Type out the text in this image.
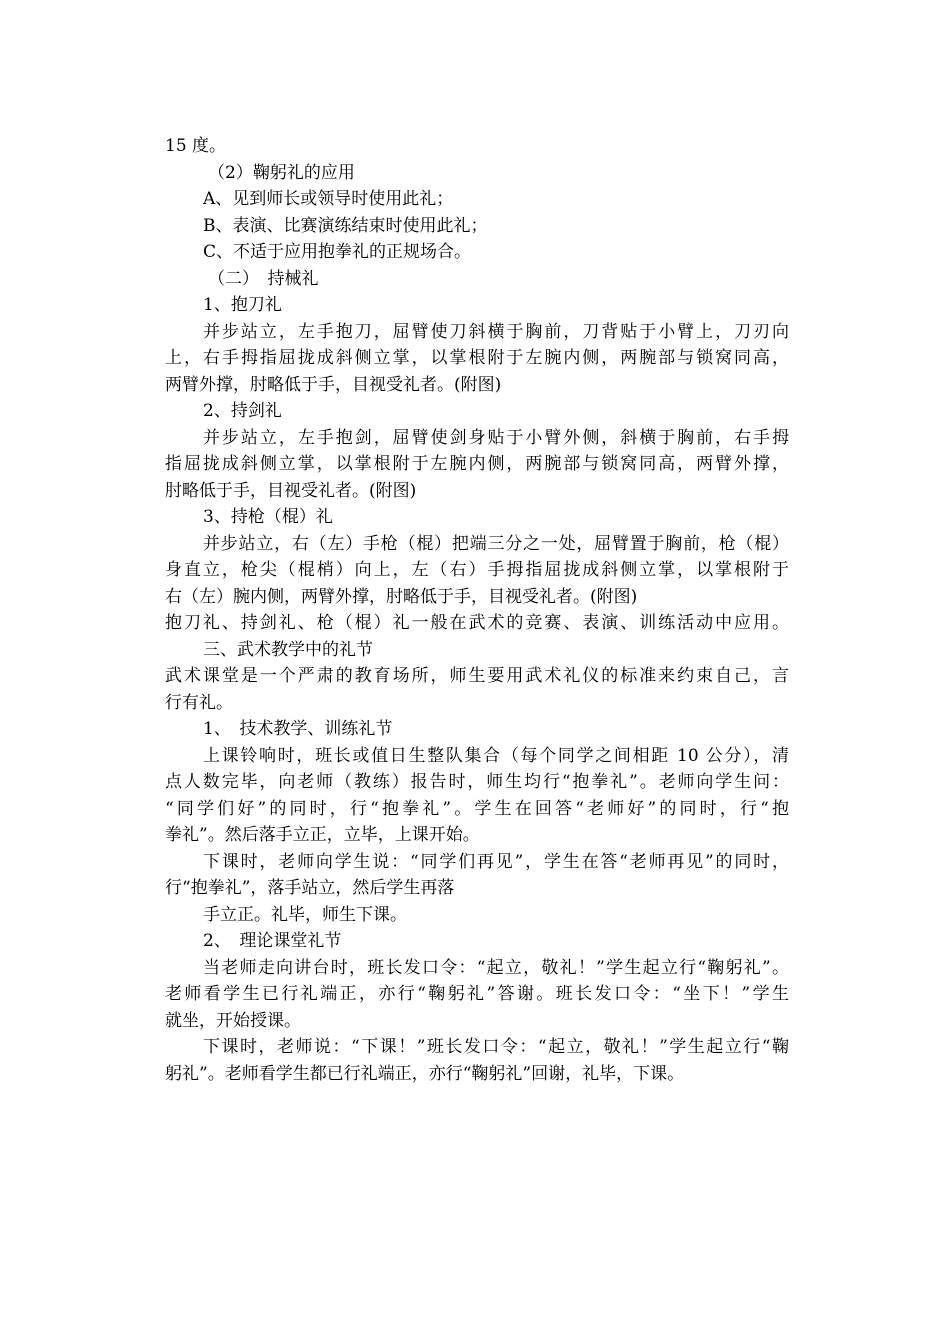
15 度。
（2）鞠躬礼的应用
A、见到师长或领导时使用此礼；
B、表演、比赛演练结束时使用此礼；
C、不适于应用抱拳礼的正规场合。
（二）　持械礼
1、抱刀礼
并步站立，左手抱刀，屈臂使刀斜横于胸前，刀背贴于小臂上，刀刃向
上，右手拇指屈拢成斜侧立掌，以掌根附于左腕内侧，两腕部与锁窝同高，
两臂外撑，肘略低于手，目视受礼者。(附图)
2、持剑礼
并步站立，左手抱剑，屈臂使剑身贴于小臂外侧，斜横于胸前，右手拇
指屈拢成斜侧立掌，以掌根附于左腕内侧，两腕部与锁窝同高，两臂外撑，
肘略低于手，目视受礼者。(附图)
3、持枪（棍）礼
并步站立，右（左）手枪（棍）把端三分之一处，屈臂置于胸前，枪（棍）
身直立，枪尖（棍梢）向上，左（右）手拇指屈拢成斜侧立掌，以掌根附于
右（左）腕内侧，两臂外撑，肘略低于手，目视受礼者。(附图)
抱刀礼、持剑礼、枪（棍）礼一般在武术的竞赛、表演、训练活动中应用。
三、武术教学中的礼节
武术课堂是一个严肃的教育场所，师生要用武术礼仪的标准来约束自己，言
行有礼。
1、　技术教学、训练礼节
上课铃响时，班长或值日生整队集合（每个同学之间相距 10 公分），清
点人数完毕，向老师（教练）报告时，师生均行“抱拳礼”。老师向学生问：
“同学们好”的同时，行“抱拳礼”。学生在回答“老师好”的同时，行“抱
拳礼”。然后落手立正，立毕，上课开始。
下课时，老师向学生说：“同学们再见”，学生在答“老师再见”的同时，
行“抱拳礼”，落手站立，然后学生再落
手立正。礼毕，师生下课。
2、　理论课堂礼节
当老师走向讲台时，班长发口令：“起立，敬礼！”学生起立行“鞠躬礼”。
老师看学生已行礼端正，亦行“鞠躬礼”答谢。班长发口令：“坐下！”学生
就坐，开始授课。
下课时，老师说：“下课！”班长发口令：“起立，敬礼！”学生起立行“鞠
躬礼”。老师看学生都已行礼端正，亦行“鞠躬礼”回谢，礼毕，下课。
